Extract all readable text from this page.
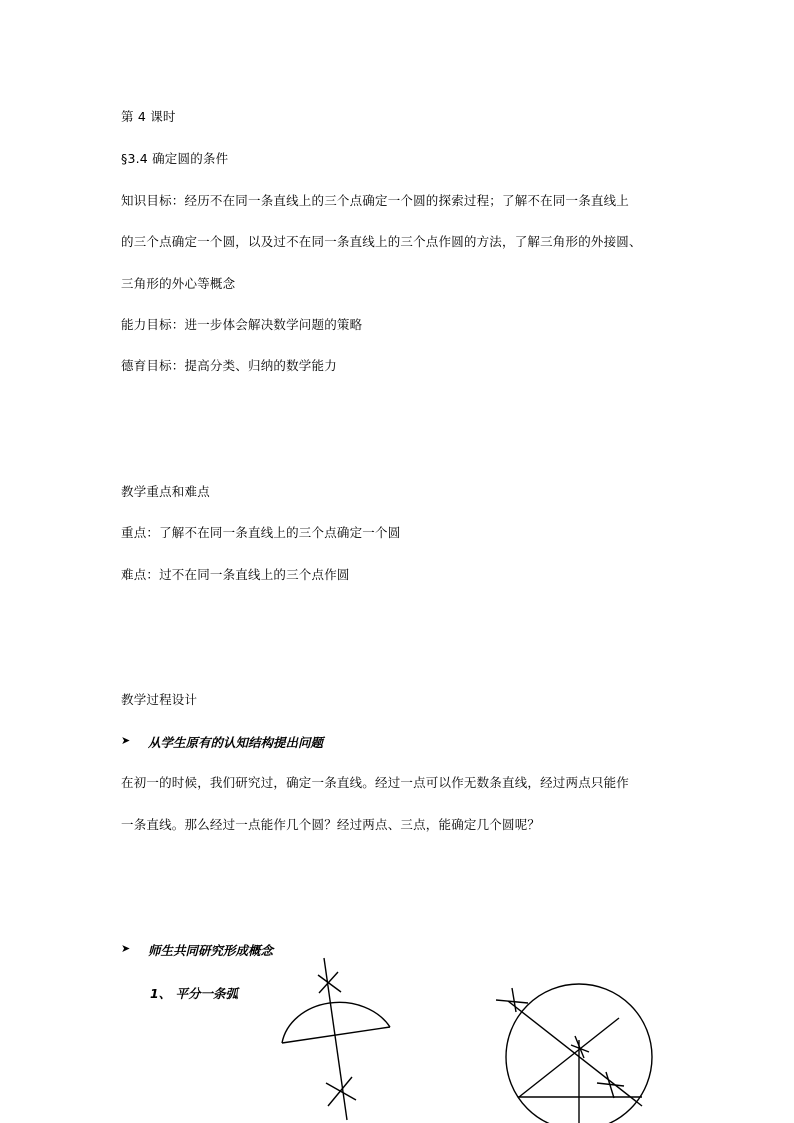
第 4 课时
§3.4 确定圆的条件
知识目标：经历不在同一条直线上的三个点确定一个圆的探索过程；了解不在同一条直线上
的三个点确定一个圆，以及过不在同一条直线上的三个点作圆的方法，了解三角形的外接圆、
三角形的外心等概念
能力目标：进一步体会解决数学问题的策略
德育目标：提高分类、归纳的数学能力
教学重点和难点
重点：了解不在同一条直线上的三个点确定一个圆
难点：过不在同一条直线上的三个点作圆
教学过程设计
➤ 从学生原有的认知结构提出问题
在初一的时候，我们研究过，确定一条直线。经过一点可以作无数条直线，经过两点只能作
一条直线。那么经过一点能作几个圆？经过两点、三点，能确定几个圆呢？
➤ 师生共同研究形成概念
1、 平分一条弧
